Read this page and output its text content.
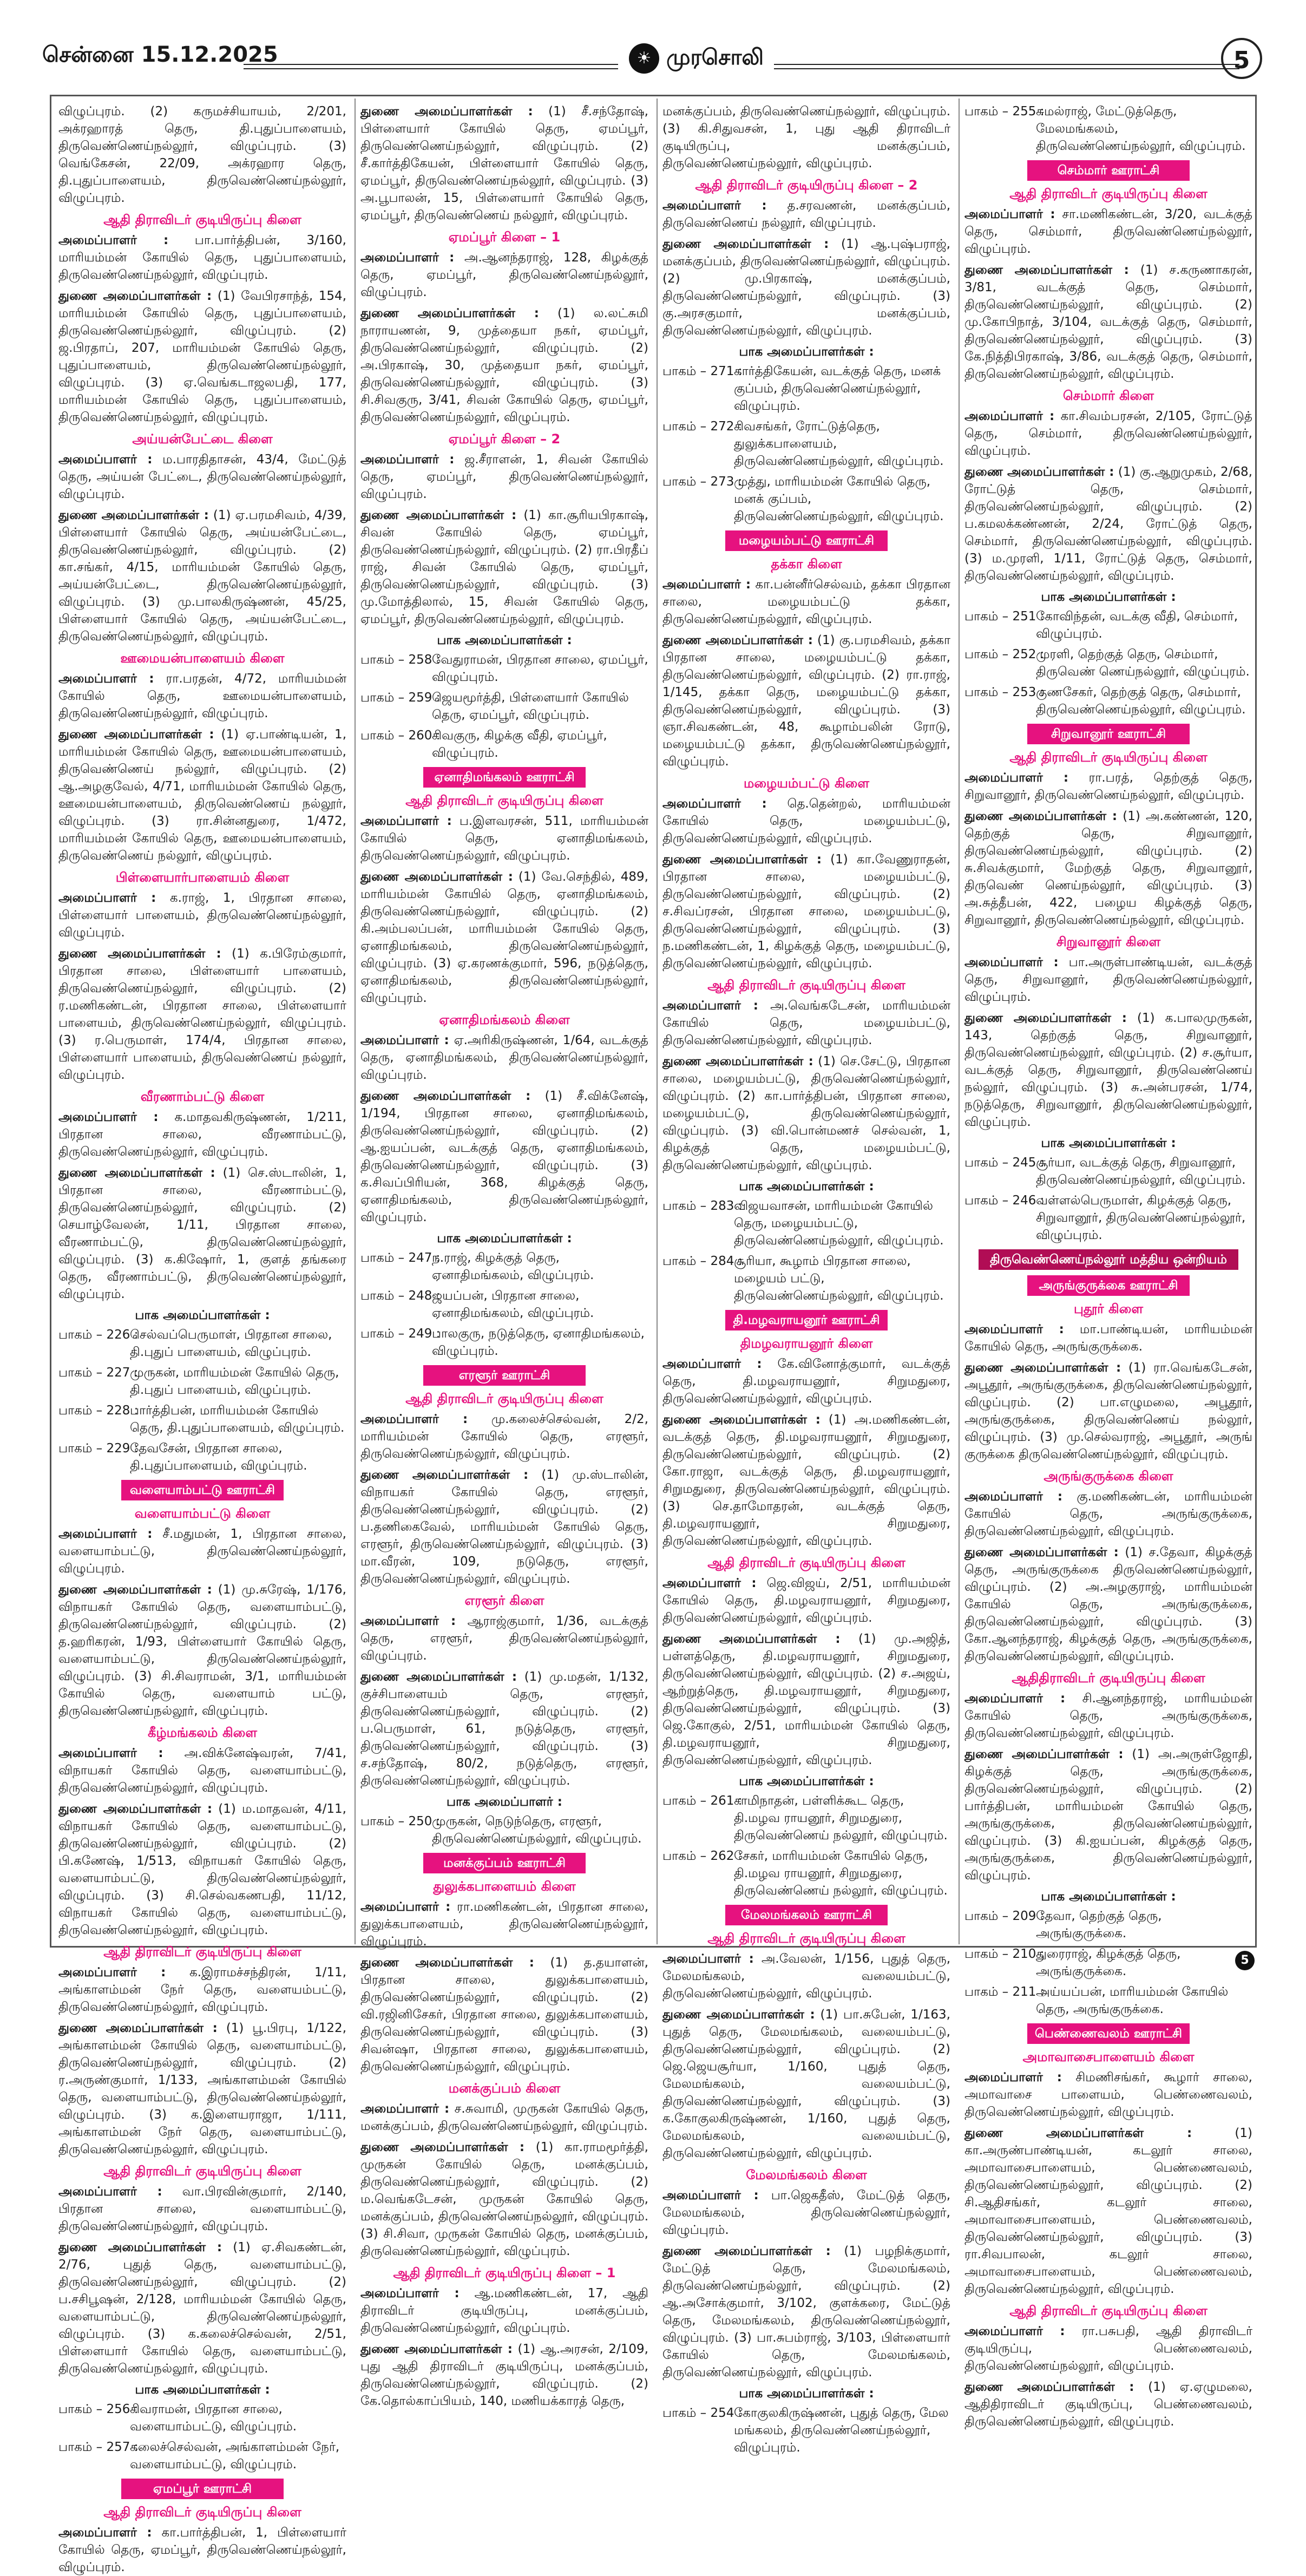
சென்னை 15.12.2025	☀ முரசொலி	5

விழுப்புரம். (2) கருமச்சியாயம், 2/201, அக்ரஹாரத் தெரு, தி.புதுப்பாளையம், திருவெண்ணெய்நல்லூர், விழுப்புரம். (3) வெங்கேசன், 22/09, அக்ரஹார தெரு, தி.புதுப்பாளையம், திருவெண்ணெய்நல்லூர், விழுப்புரம்.

ஆதி திராவிடர் குடியிருப்பு கிளை

அமைப்பாளர் : பா.பார்த்திபன், 3/160, மாரியம்மன் கோயில் தெரு, புதுப்பாளையம், திருவெண்ணெய்நல்லூர், விழுப்புரம்.

துணை அமைப்பாளர்கள் : (1) வேபிரசாந்த், 154, மாரியம்மன் கோயில் தெரு, புதுப்பாளையம், திருவெண்ணெய்நல்லூர், விழுப்புரம். (2) ஜ.பிரதாப், 207, மாரியம்மன் கோயில் தெரு, புதுப்பாளையம், திருவெண்ணெய்நல்லூர், விழுப்புரம். (3) ஏ.வெங்கடாஜலபதி, 177, மாரியம்மன் கோயில் தெரு, புதுப்பாளையம், திருவெண்ணெய்நல்லூர், விழுப்புரம்.

அய்யன்பேட்டை கிளை

அமைப்பாளர் : ம.பாரதிதாசன், 43/4, மேட்டுத் தெரு, அய்யன் பேட்டை, திருவெண்ணெய்நல்லூர், விழுப்புரம்.

துணை அமைப்பாளர்கள் : (1) ஏ.பரமசிவம், 4/39, பிள்ளையார் கோயில் தெரு, அய்யன்பேட்டை, திருவெண்ணெய்நல்லூர், விழுப்புரம். (2) கா.சங்கர், 4/15, மாரியம்மன் கோயில் தெரு, அய்யன்பேட்டை, திருவெண்ணெய்நல்லூர், விழுப்புரம். (3) மு.பாலகிருஷ்ணன், 45/25, பிள்ளையார் கோயில் தெரு, அய்யன்பேட்டை, திருவெண்ணெய்நல்லூர், விழுப்புரம்.

ஊமையன்பாளையம் கிளை

அமைப்பாளர் : ரா.பரதன், 4/72, மாரியம்மன் கோயில் தெரு, ஊமையன்பாளையம், திருவெண்ணெய்நல்லூர், விழுப்புரம்.

துணை அமைப்பாளர்கள் : (1) ஏ.பாண்டியன், 1, மாரியம்மன் கோயில் தெரு, ஊமையன்பாளையம், திருவெண்ணெய் நல்லூர், விழுப்புரம். (2) ஆ.அழகுவேல், 4/71, மாரியம்மன் கோயில் தெரு, ஊமையன்பாளையம், திருவெண்ணெய் நல்லூர், விழுப்புரம். (3) ரா.சின்னதுரை, 1/472, மாரியம்மன் கோயில் தெரு, ஊமையன்பாளையம், திருவெண்ணெய் நல்லூர், விழுப்புரம்.

பிள்ளையார்பாளையம் கிளை

அமைப்பாளர் : க.ராஜ், 1, பிரதான சாலை, பிள்ளையார் பாளையம், திருவெண்ணெய்நல்லூர், விழுப்புரம்.

துணை அமைப்பாளர்கள் : (1) க.பிரேம்குமார், பிரதான சாலை, பிள்ளையார் பாளையம், திருவெண்ணெய்நல்லூர், விழுப்புரம். (2) ர.மணிகண்டன், பிரதான சாலை, பிள்ளையார் பாளையம், திருவெண்ணெய்நல்லூர், விழுப்புரம். (3) ர.பெருமாள், 174/4, பிரதான சாலை, பிள்ளையார் பாளையம், திருவெண்ணெய் நல்லூர், விழுப்புரம்.

வீரணாம்பட்டு கிளை

அமைப்பாளர் : க.மாதவகிருஷ்ணன், 1/211, பிரதான சாலை, வீரணாம்பட்டு, திருவெண்ணெய்நல்லூர், விழுப்புரம்.

துணை அமைப்பாளர்கள் : (1) செ.ஸ்டாலின், 1, பிரதான சாலை, வீரணாம்பட்டு, திருவெண்ணெய்நல்லூர், விழுப்புரம். (2) செயாழ்வேலன், 1/11, பிரதான சாலை, வீரணாம்பட்டு, திருவெண்ணெய்நல்லூர், விழுப்புரம். (3) க.கிஷோர், 1, குளத் தங்கரை தெரு, வீரணாம்பட்டு, திருவெண்ணெய்நல்லூர், விழுப்புரம்.

பாக அமைப்பாளர்கள் :
பாகம் – 226 :
செல்வப்பெருமாள், பிரதான சாலை, தி.புதுப் பாளையம், விழுப்புரம்.
பாகம் – 227 :
முருகன், மாரியம்மன் கோயில் தெரு, தி.புதுப் பாளையம், விழுப்புரம்.
பாகம் – 228 :
பார்த்திபன், மாரியம்மன் கோயில் தெரு, தி.புதுப்பாளையம், விழுப்புரம்.
பாகம் – 229 :
தேவசேன், பிரதான சாலை, தி.புதுப்பாளையம், விழுப்புரம்.
வளையாம்பட்டு ஊராட்சி
வளையாம்பட்டு கிளை

அமைப்பாளர் : சீ.மதுமன், 1, பிரதான சாலை, வளையாம்பட்டு, திருவெண்ணெய்நல்லூர், விழுப்புரம்.

துணை அமைப்பாளர்கள் : (1) மு.சுரேஷ், 1/176, விநாயகர் கோயில் தெரு, வளையாம்பட்டு, திருவெண்ணெய்நல்லூர், விழுப்புரம். (2) த.ஹரிகரன், 1/93, பிள்ளையார் கோயில் தெரு, வளையாம்பட்டு, திருவெண்ணெய்நல்லூர், விழுப்புரம். (3) சி.சிவராமன், 3/1, மாரியம்மன் கோயில் தெரு, வளையாம் பட்டு, திருவெண்ணெய்நல்லூர், விழுப்புரம்.

கீழ்மங்கலம் கிளை

அமைப்பாளர் : அ.விக்னேஷ்வரன், 7/41, விநாயகர் கோயில் தெரு, வளையாம்பட்டு, திருவெண்ணெய்நல்லூர், விழுப்புரம்.

துணை அமைப்பாளர்கள் : (1) ம.மாதவன், 4/11, விநாயகர் கோயில் தெரு, வளையாம்பட்டு, திருவெண்ணெய்நல்லூர், விழுப்புரம். (2) பி.கணேஷ், 1/513, விநாயகர் கோயில் தெரு, வளையாம்பட்டு, திருவெண்ணெய்நல்லூர், விழுப்புரம். (3) சி.செல்வகணபதி, 11/12, விநாயகர் கோயில் தெரு, வளையாம்பட்டு, திருவெண்ணெய்நல்லூர், விழுப்புரம்.

ஆதி திராவிடர் குடியிருப்பு கிளை

அமைப்பாளர் : க.இராமச்சந்திரன், 1/11, அங்காளம்மன் நேர் தெரு, வளையம்பட்டு, திருவெண்ணெய்நல்லூர், விழுப்புரம்.

துணை அமைப்பாளர்கள் : (1) பூ.பிரபு, 1/122, அங்காளம்மன் கோயில் தெரு, வளையாம்பட்டு, திருவெண்ணெய்நல்லூர், விழுப்புரம். (2) ர.அருண்குமார், 1/133, அங்காளம்மன் கோயில் தெரு, வளையாம்பட்டு, திருவெண்ணெய்நல்லூர், விழுப்புரம். (3) க.இளையராஜா, 1/111, அங்காளம்மன் நேர் தெரு, வளையாம்பட்டு, திருவெண்ணெய்நல்லூர், விழுப்புரம்.

ஆதி திராவிடர் குடியிருப்பு கிளை

அமைப்பாளர் : வா.பிரவின்குமார், 2/140, பிரதான சாலை, வளையாம்பட்டு, திருவெண்ணெய்நல்லூர், விழுப்புரம்.

துணை அமைப்பாளர்கள் : (1) ஏ.சிவகண்டன், 2/76, புதுத் தெரு, வளையாம்பட்டு, திருவெண்ணெய்நல்லூர், விழுப்புரம். (2) ப.சசிபூஷன், 2/128, மாரியம்மன் கோயில் தெரு, வளையாம்பட்டு, திருவெண்ணெய்நல்லூர், விழுப்புரம். (3) க.கலைச்செல்வன், 2/51, பிள்ளையார் கோயில் தெரு, வளையாம்பட்டு, திருவெண்ணெய்நல்லூர், விழுப்புரம்.

பாக அமைப்பாளர்கள் :
பாகம் – 256 :
சிவராமன், பிரதான சாலை, வளையாம்பட்டு, விழுப்புரம்.
பாகம் – 257 :
கலைச்செல்வன், அங்காளம்மன் நேர், வளையாம்பட்டு, விழுப்புரம்.
ஏமப்பூர் ஊராட்சி
ஆதி திராவிடர் குடியிருப்பு கிளை

அமைப்பாளர் : கா.பார்த்திபன், 1, பிள்ளையார் கோயில் தெரு, ஏமப்பூர், திருவெண்ணெய்நல்லூர், விழுப்புரம்.

துணை அமைப்பாளர்கள் : (1) சீ.சந்தோஷ், பிள்ளையார் கோயில் தெரு, ஏமப்பூர், திருவெண்ணெய்நல்லூர், விழுப்புரம். (2) சீ.கார்த்திகேயன், பிள்ளையார் கோயில் தெரு, ஏமப்பூர், திருவெண்ணெய்நல்லூர், விழுப்புரம். (3) அ.பூபாலன், 15, பிள்ளையார் கோயில் தெரு, ஏமப்பூர், திருவெண்ணெய் நல்லூர், விழுப்புரம்.

ஏமப்பூர் கிளை – 1

அமைப்பாளர் : அ.ஆனந்தராஜ், 128, கிழக்குத் தெரு, ஏமப்பூர், திருவெண்ணெய்நல்லூர், விழுப்புரம்.

துணை அமைப்பாளர்கள் : (1) ல.லட்சுமி நாராயணன், 9, முத்தையா நகர், ஏமப்பூர், திருவெண்ணெய்நல்லூர், விழுப்புரம். (2) அ.பிரகாஷ், 30, முத்தையா நகர், ஏமப்பூர், திருவெண்ணெய்நல்லூர், விழுப்புரம். (3) சி.சிவகுரு, 3/41, சிவன் கோயில் தெரு, ஏமப்பூர், திருவெண்ணெய்நல்லூர், விழுப்புரம்.

ஏமப்பூர் கிளை – 2

அமைப்பாளர் : ஜ.சீராளன், 1, சிவன் கோயில் தெரு, ஏமப்பூர், திருவெண்ணெய்நல்லூர், விழுப்புரம்.

துணை அமைப்பாளர்கள் : (1) கா.சூரியபிரகாஷ், சிவன் கோயில் தெரு, ஏமப்பூர், திருவெண்ணெய்நல்லூர், விழுப்புரம். (2) ரா.பிரதீப் ராஜ், சிவன் கோயில் தெரு, ஏமப்பூர், திருவெண்ணெய்நல்லூர், விழுப்புரம். (3) மு.மோத்திலால், 15, சிவன் கோயில் தெரு, ஏமப்பூர், திருவெண்ணெய்நல்லூர், விழுப்புரம்.

பாக அமைப்பாளர்கள் :
பாகம் – 258 :
வேதுராமன், பிரதான சாலை, ஏமப்பூர், விழுப்புரம்.
பாகம் – 259 :
ஜெயமூர்த்தி, பிள்ளையார் கோயில் தெரு, ஏமப்பூர், விழுப்புரம்.
பாகம் – 260 :
சிவகுரு, கிழக்கு வீதி, ஏமப்பூர், விழுப்புரம்.
ஏனாதிமங்கலம் ஊராட்சி
ஆதி திராவிடர் குடியிருப்பு கிளை

அமைப்பாளர் : ப.இளவரசன், 511, மாரியம்மன் கோயில் தெரு, ஏனாதிமங்கலம், திருவெண்ணெய்நல்லூர், விழுப்புரம்.

துணை அமைப்பாளர்கள் : (1) வே.செந்தில், 489, மாரியம்மன் கோயில் தெரு, ஏனாதிமங்கலம், திருவெண்ணெய்நல்லூர், விழுப்புரம். (2) கி.அம்பலப்பன், மாரியம்மன் கோயில் தெரு, ஏனாதிமங்கலம், திருவெண்ணெய்நல்லூர், விழுப்புரம். (3) ஏ.கரணக்குமார், 596, நடுத்தெரு, ஏனாதிமங்கலம், திருவெண்ணெய்நல்லூர், விழுப்புரம்.

ஏனாதிமங்கலம் கிளை

அமைப்பாளர் : ஏ.அரிகிருஷ்ணன், 1/64, வடக்குத் தெரு, ஏனாதிமங்கலம், திருவெண்ணெய்நல்லூர், விழுப்புரம்.

துணை அமைப்பாளர்கள் : (1) சீ.விக்னேஷ், 1/194, பிரதான சாலை, ஏனாதிமங்கலம், திருவெண்ணெய்நல்லூர், விழுப்புரம். (2) ஆ.ஐயப்பன், வடக்குத் தெரு, ஏனாதிமங்கலம், திருவெண்ணெய்நல்லூர், விழுப்புரம். (3) க.சிவப்பிரியன், 368, கிழக்குத் தெரு, ஏனாதிமங்கலம், திருவெண்ணெய்நல்லூர், விழுப்புரம்.

பாக அமைப்பாளர்கள் :
பாகம் – 247 :
ந.ராஜ், கிழக்குத் தெரு, ஏனாதிமங்கலம், விழுப்புரம்.
பாகம் – 248 :
ஜயப்பன், பிரதான சாலை, ஏனாதிமங்கலம், விழுப்புரம்.
பாகம் – 249 :
பாலகுரு, நடுத்தெரு, ஏனாதிமங்கலம், விழுப்புரம்.
எரளூர் ஊராட்சி
ஆதி திராவிடர் குடியிருப்பு கிளை

அமைப்பாளர் : மு.கலைச்செல்வன், 2/2, மாரியம்மன் கோயில் தெரு, எரளூர், திருவெண்ணெய்நல்லூர், விழுப்புரம்.

துணை அமைப்பாளர்கள் : (1) மு.ஸ்டாலின், விநாயகர் கோயில் தெரு, எரளூர், திருவெண்ணெய்நல்லூர், விழுப்புரம். (2) ப.தணிகைவேல், மாரியம்மன் கோயில் தெரு, எரளூர், திருவெண்ணெய்நல்லூர், விழுப்புரம். (3) மா.வீரன், 109, நடுதெரு, எரளூர், திருவெண்ணெய்நல்லூர், விழுப்புரம்.

எரளூர் கிளை

அமைப்பாளர் : ஆராஜ்குமார், 1/36, வடக்குத் தெரு, எரளூர், திருவெண்ணெய்நல்லூர், விழுப்புரம்.

துணை அமைப்பாளர்கள் : (1) மு.மதன், 1/132, குச்சிபாளையம் தெரு, எரளூர், திருவெண்ணெய்நல்லூர், விழுப்புரம். (2) ப.பெருமாள், 61, நடுத்தெரு, எரளூர், திருவெண்ணெய்நல்லூர், விழுப்புரம். (3) ச.சந்தோஷ், 80/2, நடுத்தெரு, எரளூர், திருவெண்ணெய்நல்லூர், விழுப்புரம்.

பாக அமைப்பாளர் :
பாகம் – 250 :
முருகன், நெடுந்தெரு, எரளூர், திருவெண்ணெய்நல்லூர், விழுப்புரம்.
மனக்குப்பம் ஊராட்சி
துலுக்கபாளையம் கிளை

அமைப்பாளர் : ரா.மணிகண்டன், பிரதான சாலை, துலுக்கபாளையம், திருவெண்ணெய்நல்லூர், விழுப்புரம்.

துணை அமைப்பாளர்கள் : (1) த.தயாளன், பிரதான சாலை, துலுக்கபாளையம், திருவெண்ணெய்நல்லூர், விழுப்புரம். (2) வி.ரஜினிசேகர், பிரதான சாலை, துலுக்கபாளையம், திருவெண்ணெய்நல்லூர், விழுப்புரம். (3) சிவன்ஷா, பிரதான சாலை, துலுக்கபாளையம், திருவெண்ணெய்நல்லூர், விழுப்புரம்.

மனக்குப்பம் கிளை

அமைப்பாளர் : ச.சுவாமி, முருகன் கோயில் தெரு, மனக்குப்பம், திருவெண்ணெய்நல்லூர், விழுப்புரம்.

துணை அமைப்பாளர்கள் : (1) கா.ராமமூர்த்தி, முருகன் கோயில் தெரு, மனக்குப்பம், திருவெண்ணெய்நல்லூர், விழுப்புரம். (2) ம.வெங்கடேசன், முருகன் கோயில் தெரு, மனக்குப்பம், திருவெண்ணெய்நல்லூர், விழுப்புரம். (3) சி.சிவா, முருகன் கோயில் தெரு, மனக்குப்பம், திருவெண்ணெய்நல்லூர், விழுப்புரம்.

ஆதி திராவிடர் குடியிருப்பு கிளை – 1

அமைப்பாளர் : ஆ.மணிகண்டன், 17, ஆதி திராவிடர் குடியிருப்பு, மனக்குப்பம், திருவெண்ணெய்நல்லூர், விழுப்புரம்.

துணை அமைப்பாளர்கள் : (1) ஆ.அரசன், 2/109, புது ஆதி திராவிடர் குடியிருப்பு, மனக்குப்பம், திருவெண்ணெய்நல்லூர், விழுப்புரம். (2) கே.தொல்காப்பியம், 140, மணியக்காரத் தெரு,

மனக்குப்பம், திருவெண்ணெய்நல்லூர், விழுப்புரம். (3) கி.சிதுவசன், 1, புது ஆதி திராவிடர் குடியிருப்பு, மனக்குப்பம், திருவெண்ணெய்நல்லூர், விழுப்புரம்.

ஆதி திராவிடர் குடியிருப்பு கிளை – 2

அமைப்பாளர் : த.சரவணன், மனக்குப்பம், திருவெண்ணெய் நல்லூர், விழுப்புரம்.

துணை அமைப்பாளர்கள் : (1) ஆ.புஷ்பராஜ், மனக்குப்பம், திருவெண்ணெய்நல்லூர், விழுப்புரம். (2) மு.பிரகாஷ், மனக்குப்பம், திருவெண்ணெய்நல்லூர், விழுப்புரம். (3) கு.அரசகுமார், மனக்குப்பம், திருவெண்ணெய்நல்லூர், விழுப்புரம்.

பாக அமைப்பாளர்கள் :
பாகம் – 271 :
கார்த்திகேயன், வடக்குத் தெரு, மனக் குப்பம், திருவெண்ணெய்நல்லூர், விழுப்புரம்.
பாகம் – 272 :
சிவசங்கர், ரோட்டுத்தெரு, துலுக்கபாளையம், திருவெண்ணெய்நல்லூர், விழுப்புரம்.
பாகம் – 273 :
முத்து, மாரியம்மன் கோயில் தெரு, மனக் குப்பம், திருவெண்ணெய்நல்லூர், விழுப்புரம்.
மழையம்பட்டு ஊராட்சி
தக்கா கிளை

அமைப்பாளர் : கா.பன்னீர்செல்வம், தக்கா பிரதான சாலை, மழையம்பட்டு தக்கா, திருவெண்ணெய்நல்லூர், விழுப்புரம்.

துணை அமைப்பாளர்கள் : (1) கு.பரமசிவம், தக்கா பிரதான சாலை, மழையம்பட்டு தக்கா, திருவெண்ணெய்நல்லூர், விழுப்புரம். (2) ரா.ராஜ், 1/145, தக்கா தெரு, மழையம்பட்டு தக்கா, திருவெண்ணெய்நல்லூர், விழுப்புரம். (3) ஞா.சிவகண்டன், 48, கூழாம்பலின் ரோடு, மழையம்பட்டு தக்கா, திருவெண்ணெய்நல்லூர், விழுப்புரம்.

மழையம்பட்டு கிளை

அமைப்பாளர் : தெ.தென்றல், மாரியம்மன் கோயில் தெரு, மழையம்பட்டு, திருவெண்ணெய்நல்லூர், விழுப்புரம்.

துணை அமைப்பாளர்கள் : (1) கா.வேணுராதன், பிரதான சாலை, மழையம்பட்டு, திருவெண்ணெய்நல்லூர், விழுப்புரம். (2) ச.சிவப்ரசன், பிரதான சாலை, மழையம்பட்டு, திருவெண்ணெய்நல்லூர், விழுப்புரம். (3) ந.மணிகண்டன், 1, கிழக்குத் தெரு, மழையம்பட்டு, திருவெண்ணெய்நல்லூர், விழுப்புரம்.

ஆதி திராவிடர் குடியிருப்பு கிளை

அமைப்பாளர் : அ.வெங்கடேசன், மாரியம்மன் கோயில் தெரு, மழையம்பட்டு, திருவெண்ணெய்நல்லூர், விழுப்புரம்.

துணை அமைப்பாளர்கள் : (1) செ.சேட்டு, பிரதான சாலை, மழையம்பட்டு, திருவெண்ணெய்நல்லூர், விழுப்புரம். (2) கா.பார்த்திபன், பிரதான சாலை, மழையம்பட்டு, திருவெண்ணெய்நல்லூர், விழுப்புரம். (3) வி.பொன்மணச் செல்வன், 1, கிழக்குத் தெரு, மழையம்பட்டு, திருவெண்ணெய்நல்லூர், விழுப்புரம்.

பாக அமைப்பாளர்கள் :
பாகம் – 283 :
விஜயவாசன், மாரியம்மன் கோயில் தெரு, மழையம்பட்டு, திருவெண்ணெய்நல்லூர், விழுப்புரம்.
பாகம் – 284 :
சூரியா, கூழாம் பிரதான சாலை, மழையம் பட்டு, திருவெண்ணெய்நல்லூர், விழுப்புரம்.
தி.மழவராயனூர் ஊராட்சி
திமழவராயனூர் கிளை

அமைப்பாளர் : கே.வினோத்குமார், வடக்குத் தெரு, தி.மழவராயனூர், சிறுமதுரை, திருவெண்ணெய்நல்லூர், விழுப்புரம்.

துணை அமைப்பாளர்கள் : (1) அ.மணிகண்டன், வடக்குத் தெரு, தி.மழவராயனூர், சிறுமதுரை, திருவெண்ணெய்நல்லூர், விழுப்புரம். (2) கோ.ராஜா, வடக்குத் தெரு, தி.மழவராயனூர், சிறுமதுரை, திருவெண்ணெய்நல்லூர், விழுப்புரம். (3) செ.தாமோதரன், வடக்குத் தெரு, தி.மழவராயனூர், சிறுமதுரை, திருவெண்ணெய்நல்லூர், விழுப்புரம்.

ஆதி திராவிடர் குடியிருப்பு கிளை

அமைப்பாளர் : ஜெ.விஜய், 2/51, மாரியம்மன் கோயில் தெரு, தி.மழவராயனூர், சிறுமதுரை, திருவெண்ணெய்நல்லூர், விழுப்புரம்.

துணை அமைப்பாளர்கள் : (1) மு.அஜித், பள்ளத்தெரு, தி.மழவராயனூர், சிறுமதுரை, திருவெண்ணெய்நல்லூர், விழுப்புரம். (2) ச.அஜய், ஆற்றுத்தெரு, தி.மழவராயனூர், சிறுமதுரை, திருவெண்ணெய்நல்லூர், விழுப்புரம். (3) ஜெ.கோகுல், 2/51, மாரியம்மன் கோயில் தெரு, தி.மழவராயனூர், சிறுமதுரை, திருவெண்ணெய்நல்லூர், விழுப்புரம்.

பாக அமைப்பாளர்கள் :
பாகம் – 261 :
சாமிநாதன், பள்ளிக்கூட தெரு, தி.மழவ ராயனூர், சிறுமதுரை, திருவெண்ணெய் நல்லூர், விழுப்புரம்.
பாகம் – 262 :
சேகர், மாரியம்மன் கோயில் தெரு, தி.மழவ ராயனூர், சிறுமதுரை, திருவெண்ணெய் நல்லூர், விழுப்புரம்.
மேலமங்கலம் ஊராட்சி
ஆதி திராவிடர் குடியிருப்பு கிளை

அமைப்பாளர் : அ.வேலன், 1/156, புதுத் தெரு, மேலமங்கலம், வலையம்பட்டு, திருவெண்ணெய்நல்லூர், விழுப்புரம்.

துணை அமைப்பாளர்கள் : (1) பா.சுபேன், 1/163, புதுத் தெரு, மேலமங்கலம், வலையம்பட்டு, திருவெண்ணெய்நல்லூர், விழுப்புரம். (2) ஜெ.ஜெயசூர்யா, 1/160, புதுத் தெரு, மேலமங்கலம், வலையம்பட்டு, திருவெண்ணெய்நல்லூர், விழுப்புரம். (3) க.கோகுலகிருஷ்ணன், 1/160, புதுத் தெரு, மேலமங்கலம், வலையம்பட்டு, திருவெண்ணெய்நல்லூர், விழுப்புரம்.

மேலமங்கலம் கிளை

அமைப்பாளர் : பா.ஜெகதீஸ், மேட்டுத் தெரு, மேலமங்கலம், திருவெண்ணெய்நல்லூர், விழுப்புரம்.

துணை அமைப்பாளர்கள் : (1) பழநிக்குமார், மேட்டுத் தெரு, மேலமங்கலம், திருவெண்ணெய்நல்லூர், விழுப்புரம். (2) ஆ.அசோக்குமார், 3/102, குளக்கரை, மேட்டுத் தெரு, மேலமங்கலம், திருவெண்ணெய்நல்லூர், விழுப்புரம். (3) பா.சுபம்ராஜ், 3/103, பிள்ளையார் கோயில் தெரு, மேலமங்கலம், திருவெண்ணெய்நல்லூர், விழுப்புரம்.

பாக அமைப்பாளர்கள் :
பாகம் – 254 :
கோகுலகிருஷ்ணன், புதுத் தெரு, மேல மங்கலம், திருவெண்ணெய்நல்லூர், விழுப்புரம்.
பாகம் – 255 :
சுமல்ராஜ், மேட்டுத்தெரு, மேலமங்கலம், திருவெண்ணெய்நல்லூர், விழுப்புரம்.
செம்மார் ஊராட்சி
ஆதி திராவிடர் குடியிருப்பு கிளை

அமைப்பாளர் : சா.மணிகண்டன், 3/20, வடக்குத் தெரு, செம்மார், திருவெண்ணெய்நல்லூர், விழுப்புரம்.

துணை அமைப்பாளர்கள் : (1) ச.கருணாகரன், 3/81, வடக்குத் தெரு, செம்மார், திருவெண்ணெய்நல்லூர், விழுப்புரம். (2) மு.கோபிநாத், 3/104, வடக்குத் தெரு, செம்மார், திருவெண்ணெய்நல்லூர், விழுப்புரம். (3) கே.நித்திபிரகாஷ், 3/86, வடக்குத் தெரு, செம்மார், திருவெண்ணெய்நல்லூர், விழுப்புரம்.

செம்மார் கிளை

அமைப்பாளர் : கா.சிவம்பரசன், 2/105, ரோட்டுத் தெரு, செம்மார், திருவெண்ணெய்நல்லூர், விழுப்புரம்.

துணை அமைப்பாளர்கள் : (1) கு.ஆறுமுகம், 2/68, ரோட்டுத் தெரு, செம்மார், திருவெண்ணெய்நல்லூர், விழுப்புரம். (2) ப.கமலக்கண்ணன், 2/24, ரோட்டுத் தெரு, செம்மார், திருவெண்ணெய்நல்லூர், விழுப்புரம். (3) ம.முரளி, 1/11, ரோட்டுத் தெரு, செம்மார், திருவெண்ணெய்நல்லூர், விழுப்புரம்.

பாக அமைப்பாளர்கள் :
பாகம் – 251 :
கோவிந்தன், வடக்கு வீதி, செம்மார், விழுப்புரம்.
பாகம் – 252 :
முரளி, தெற்குத் தெரு, செம்மார், திருவெண் ணெய்நல்லூர், விழுப்புரம்.
பாகம் – 253 :
குணசேகர், தெற்குத் தெரு, செம்மார், திருவெண்ணெய்நல்லூர், விழுப்புரம்.
சிறுவானூர் ஊராட்சி
ஆதி திராவிடர் குடியிருப்பு கிளை

அமைப்பாளர் : ரா.பரத், தெற்குத் தெரு, சிறுவானூர், திருவெண்ணெய்நல்லூர், விழுப்புரம்.

துணை அமைப்பாளர்கள் : (1) அ.கண்ணன், 120, தெற்குத் தெரு, சிறுவானூர், திருவெண்ணெய்நல்லூர், விழுப்புரம். (2) சு.சிவக்குமார், மேற்குத் தெரு, சிறுவானூர், திருவெண் ணெய்நல்லூர், விழுப்புரம். (3) அ.சுத்தீபன், 422, பழைய கிழக்குத் தெரு, சிறுவானூர், திருவெண்ணெய்நல்லூர், விழுப்புரம்.

சிறுவானூர் கிளை

அமைப்பாளர் : பா.அருள்பாண்டியன், வடக்குத் தெரு, சிறுவானூர், திருவெண்ணெய்நல்லூர், விழுப்புரம்.

துணை அமைப்பாளர்கள் : (1) க.பாலமுருகன், 143, தெற்குத் தெரு, சிறுவானூர், திருவெண்ணெய்நல்லூர், விழுப்புரம். (2) ச.சூர்யா, வடக்குத் தெரு, சிறுவானூர், திருவெண்ணெய் நல்லூர், விழுப்புரம். (3) சு.அன்பரசன், 1/74, நடுத்தெரு, சிறுவானூர், திருவெண்ணெய்நல்லூர், விழுப்புரம்.

பாக அமைப்பாளர்கள் :
பாகம் – 245 :
சூர்யா, வடக்குத் தெரு, சிறுவானூர், திருவெண்ணெய்நல்லூர், விழுப்புரம்.
பாகம் – 246 :
வள்ளல்பெருமாள், கிழக்குத் தெரு, சிறுவானூர், திருவெண்ணெய்நல்லூர், விழுப்புரம்.
திருவெண்ணெய்நல்லூர் மத்திய ஒன்றியம்
அருங்குருக்கை ஊராட்சி
புதூர் கிளை

அமைப்பாளர் : மா.பாண்டியன், மாரியம்மன் கோயில் தெரு, அருங்குருக்கை.

துணை அமைப்பாளர்கள் : (1) ரா.வெங்கடேசன், அபூதூர், அருங்குருக்கை, திருவெண்ணெய்நல்லூர், விழுப்புரம். (2) பா.எழுமலை, அபூதூர், அருங்குருக்கை, திருவெண்ணெய் நல்லூர், விழுப்புரம். (3) மு.செல்வராஜ், அபூதூர், அருங் குருக்கை திருவெண்ணெய்நல்லூர், விழுப்புரம்.

அருங்குருக்கை கிளை

அமைப்பாளர் : கு.மணிகண்டன், மாரியம்மன் கோயில் தெரு, அருங்குருக்கை, திருவெண்ணெய்நல்லூர், விழுப்புரம்.

துணை அமைப்பாளர்கள் : (1) ச.தேவா, கிழக்குத் தெரு, அருங்குருக்கை திருவெண்ணெய்நல்லூர், விழுப்புரம். (2) அ.அழகுராஜ், மாரியம்மன் கோயில் தெரு, அருங்குருக்கை, திருவெண்ணெய்நல்லூர், விழுப்புரம். (3) கோ.ஆனந்தராஜ், கிழக்குத் தெரு, அருங்குருக்கை, திருவெண்ணெய்நல்லூர், விழுப்புரம்.

ஆதிதிராவிடர் குடியிருப்பு கிளை

அமைப்பாளர் : சி.ஆனந்தராஜ், மாரியம்மன் கோயில் தெரு, அருங்குருக்கை, திருவெண்ணெய்நல்லூர், விழுப்புரம்.

துணை அமைப்பாளர்கள் : (1) அ.அருள்ஜோதி, கிழக்குத் தெரு, அருங்குருக்கை, திருவெண்ணெய்நல்லூர், விழுப்புரம். (2) பார்த்திபன், மாரியம்மன் கோயில் தெரு, அருங்குருக்கை, திருவெண்ணெய்நல்லூர், விழுப்புரம். (3) கி.ஐயப்பன், கிழக்குத் தெரு, அருங்குருக்கை, திருவெண்ணெய்நல்லூர், விழுப்புரம்.

பாக அமைப்பாளர்கள் :
பாகம் – 209 :
தேவா, தெற்குத் தெரு, அருங்குருக்கை.
பாகம் – 210 :
துரைராஜ், கிழக்குத் தெரு, அருங்குருக்கை.
பாகம் – 211 :
அய்யப்பன், மாரியம்மன் கோயில் தெரு, அருங்குருக்கை.
பெண்ணைவலம் ஊராட்சி
அமாவாசைபாளையம் கிளை

அமைப்பாளர் : சிமணிசங்கர், கூழார் சாலை, அமாவாசை பாளையம், பெண்ணைவலம், திருவெண்ணெய்நல்லூர், விழுப்புரம்.

துணை அமைப்பாளர்கள் :	(1) கா.அருண்பாண்டியன், கடலூர் சாலை, அமாவாசைபாளையம், பெண்ணைவலம், திருவெண்ணெய்நல்லூர், விழுப்புரம். (2) சி.ஆதிசங்கர், கடலூர் சாலை, அமாவாசைபாளையம், பெண்ணைவலம், திருவெண்ணெய்நல்லூர், விழுப்புரம். (3) ரா.சிவபாலன், கடலூர் சாலை, அமாவாசைபாளையம், பெண்ணைவலம், திருவெண்ணெய்நல்லூர், விழுப்புரம்.

ஆதி திராவிடர் குடியிருப்பு கிளை

அமைப்பாளர் : ரா.பசுபதி, ஆதி திராவிடர் குடியிருப்பு, பெண்ணைவலம், திருவெண்ணெய்நல்லூர், விழுப்புரம்.

துணை அமைப்பாளர்கள் : (1) ஏ.ஏழுமலை, ஆதிதிராவிடர் குடியிருப்பு, பெண்ணைவலம், திருவெண்ணெய்நல்லூர், விழுப்புரம்.

5
